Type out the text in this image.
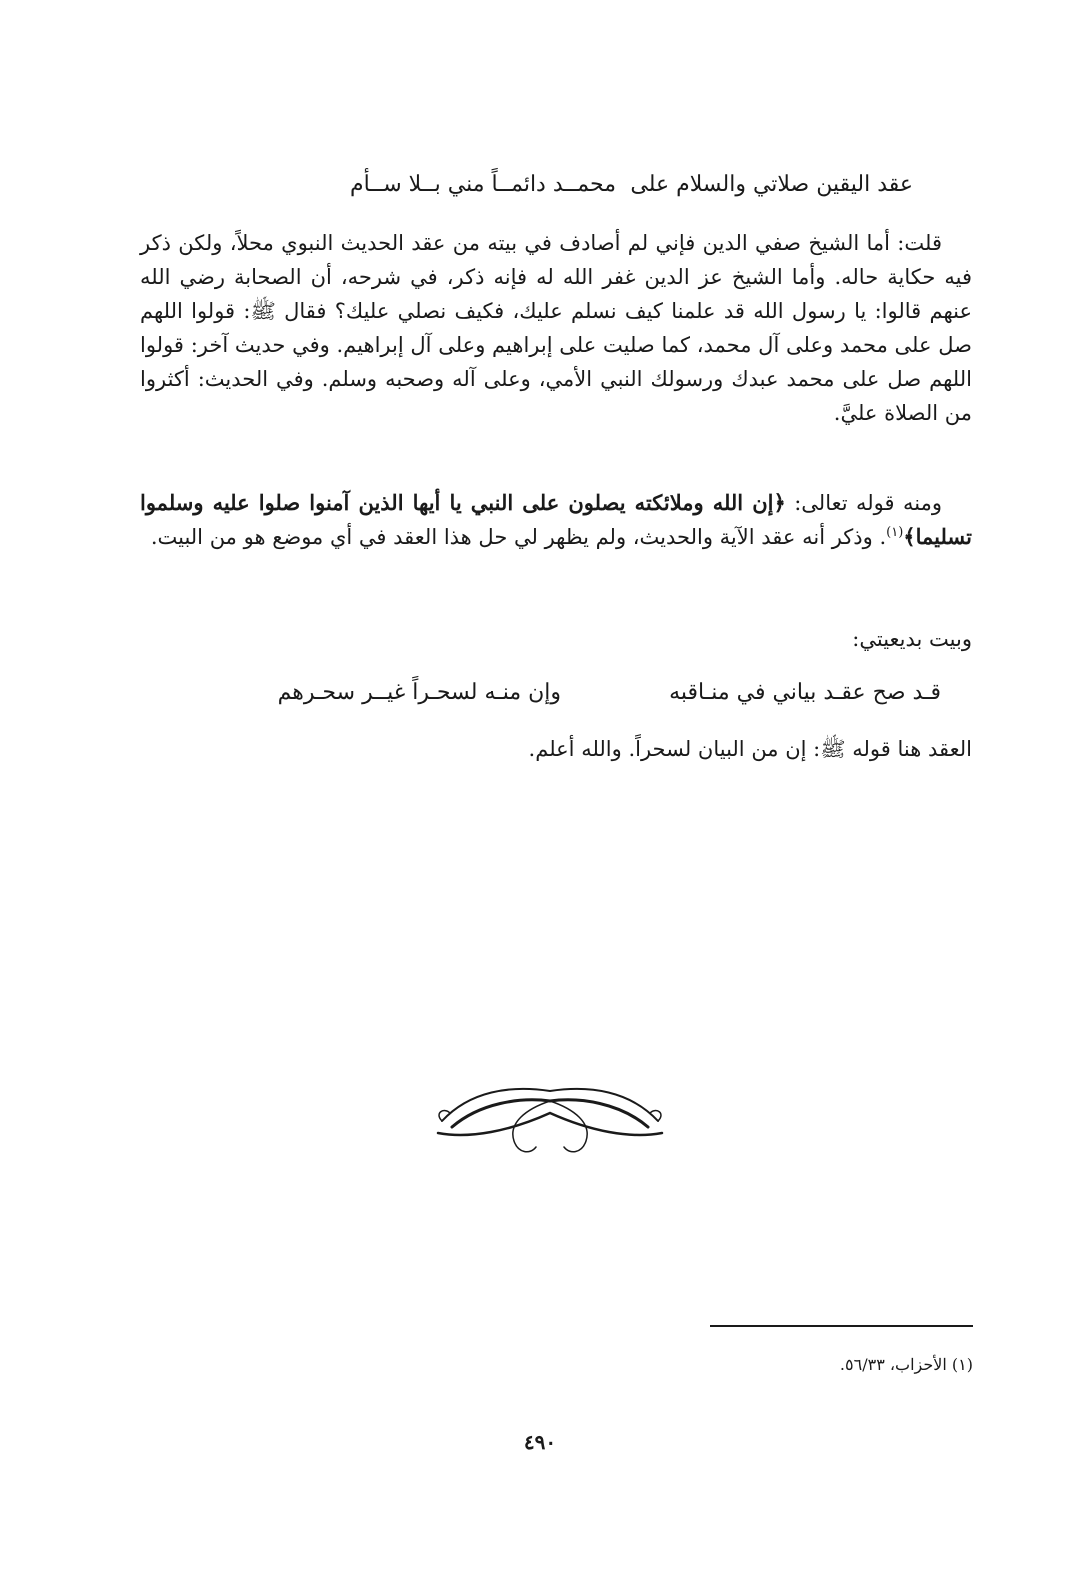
عقد اليقين صلاتي والسلام على
محمــد دائمــاً مني بــلا ســأم
قلت: أما الشيخ صفي الدين فإني لم أصادف في بيته من عقد الحديث النبوي محلاً، ولكن ذكر فيه حكاية حاله. وأما الشيخ عز الدين غفر الله له فإنه ذكر، في شرحه، أن الصحابة رضي الله عنهم قالوا: يا رسول الله قد علمنا كيف نسلم عليك، فكيف نصلي عليك؟ فقال ﷺ: قولوا اللهم صل على محمد وعلى آل محمد، كما صليت على إبراهيم وعلى آل إبراهيم. وفي حديث آخر: قولوا اللهم صل على محمد عبدك ورسولك النبي الأمي، وعلى آله وصحبه وسلم. وفي الحديث: أكثروا من الصلاة عليَّ.
ومنه قوله تعالى: ﴿إن الله وملائكته يصلون على النبي يا أيها الذين آمنوا صلوا عليه وسلموا تسليما﴾$^{(١)}$. وذكر أنه عقد الآية والحديث، ولم يظهر لي حل هذا العقد في أي موضع هو من البيت.
وبيت بديعيتي:
قـد صح عقـد بياني في منـاقبه
وإن منـه لسحـراً غيــر سحـرهم
العقد هنا قوله ﷺ: إن من البيان لسحراً. والله أعلم.
(١) الأحزاب، ٥٦/٣٣.
٤٩٠
